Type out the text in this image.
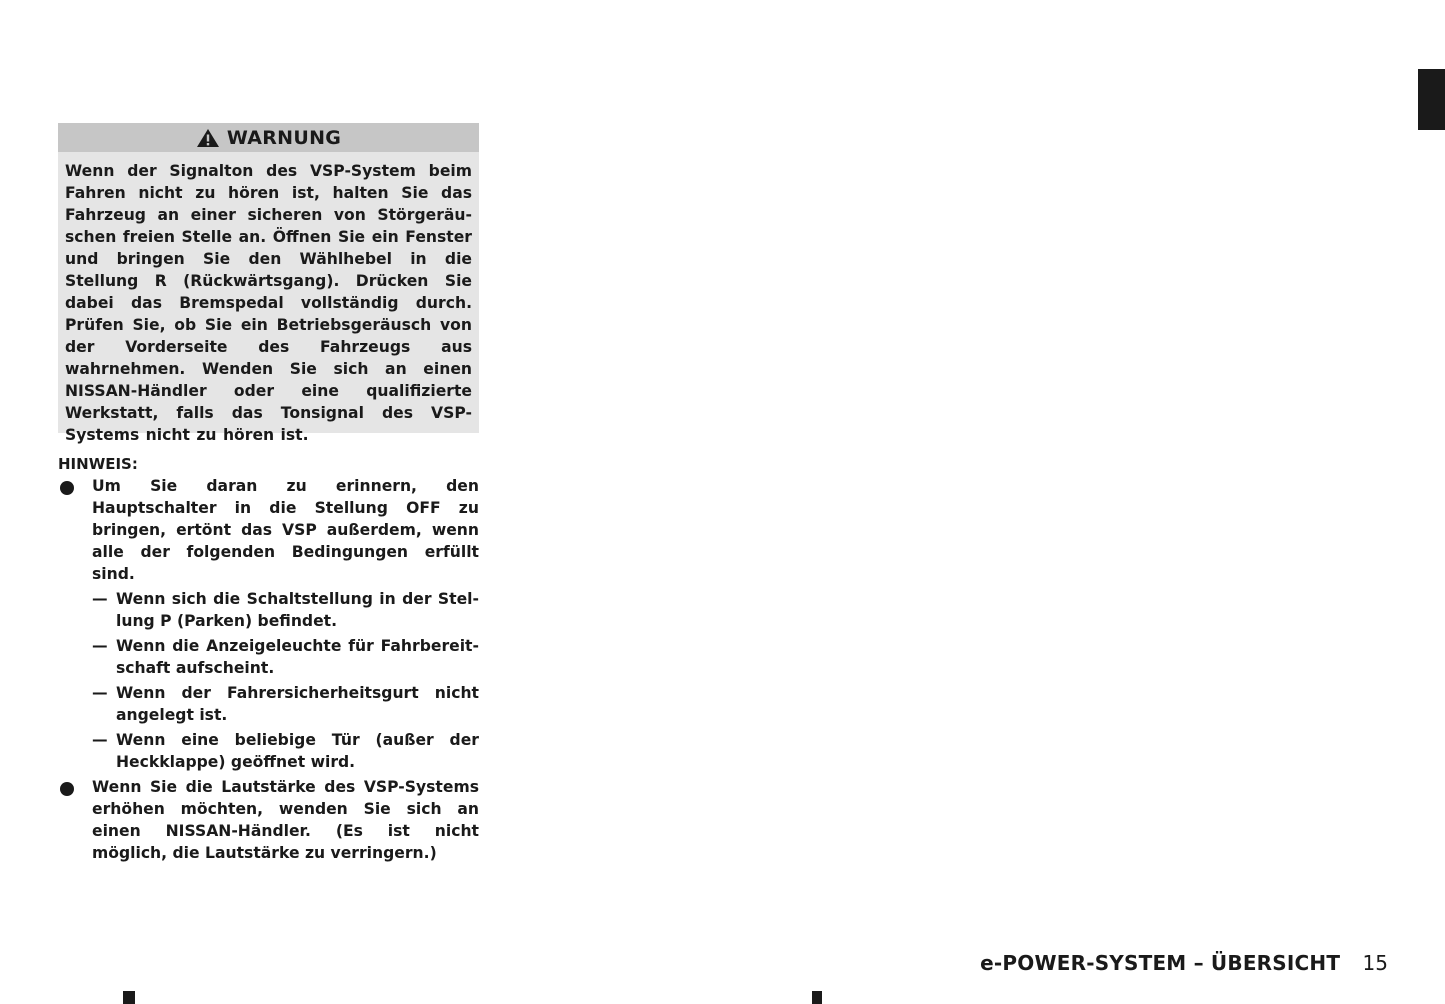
WARNUNG
Wenn der Signalton des VSP-System beim Fahren nicht zu hören ist, halten Sie das Fahrzeug an einer sicheren von Störgeräuschen freien Stelle an. Öffnen Sie ein Fenster und bringen Sie den Wählhebel in die Stellung R (Rückwärtsgang). Drücken Sie dabei das Bremspedal vollständig durch. Prüfen Sie, ob Sie ein Betriebsgeräusch von der Vorderseite des Fahrzeugs aus wahrnehmen. Wenden Sie sich an einen NISSAN-Händler oder eine qualifizierte Werkstatt, falls das Tonsignal des VSP-Systems nicht zu hören ist.

HINWEIS:

Um Sie daran zu erinnern, den Hauptschalter in die Stellung OFF zu bringen, ertönt das VSP außerdem, wenn alle der folgenden Bedingungen erfüllt sind.
— Wenn sich die Schaltstellung in der Stellung P (Parken) befindet.
— Wenn die Anzeigeleuchte für Fahrbereitschaft aufscheint.
— Wenn der Fahrersicherheitsgurt nicht angelegt ist.
— Wenn eine beliebige Tür (außer der Heckklappe) geöffnet wird.
Wenn Sie die Lautstärke des VSP-Systems erhöhen möchten, wenden Sie sich an einen NISSAN-Händler. (Es ist nicht möglich, die Lautstärke zu verringern.)
e-POWER-SYSTEM – ÜBERSICHT 15
